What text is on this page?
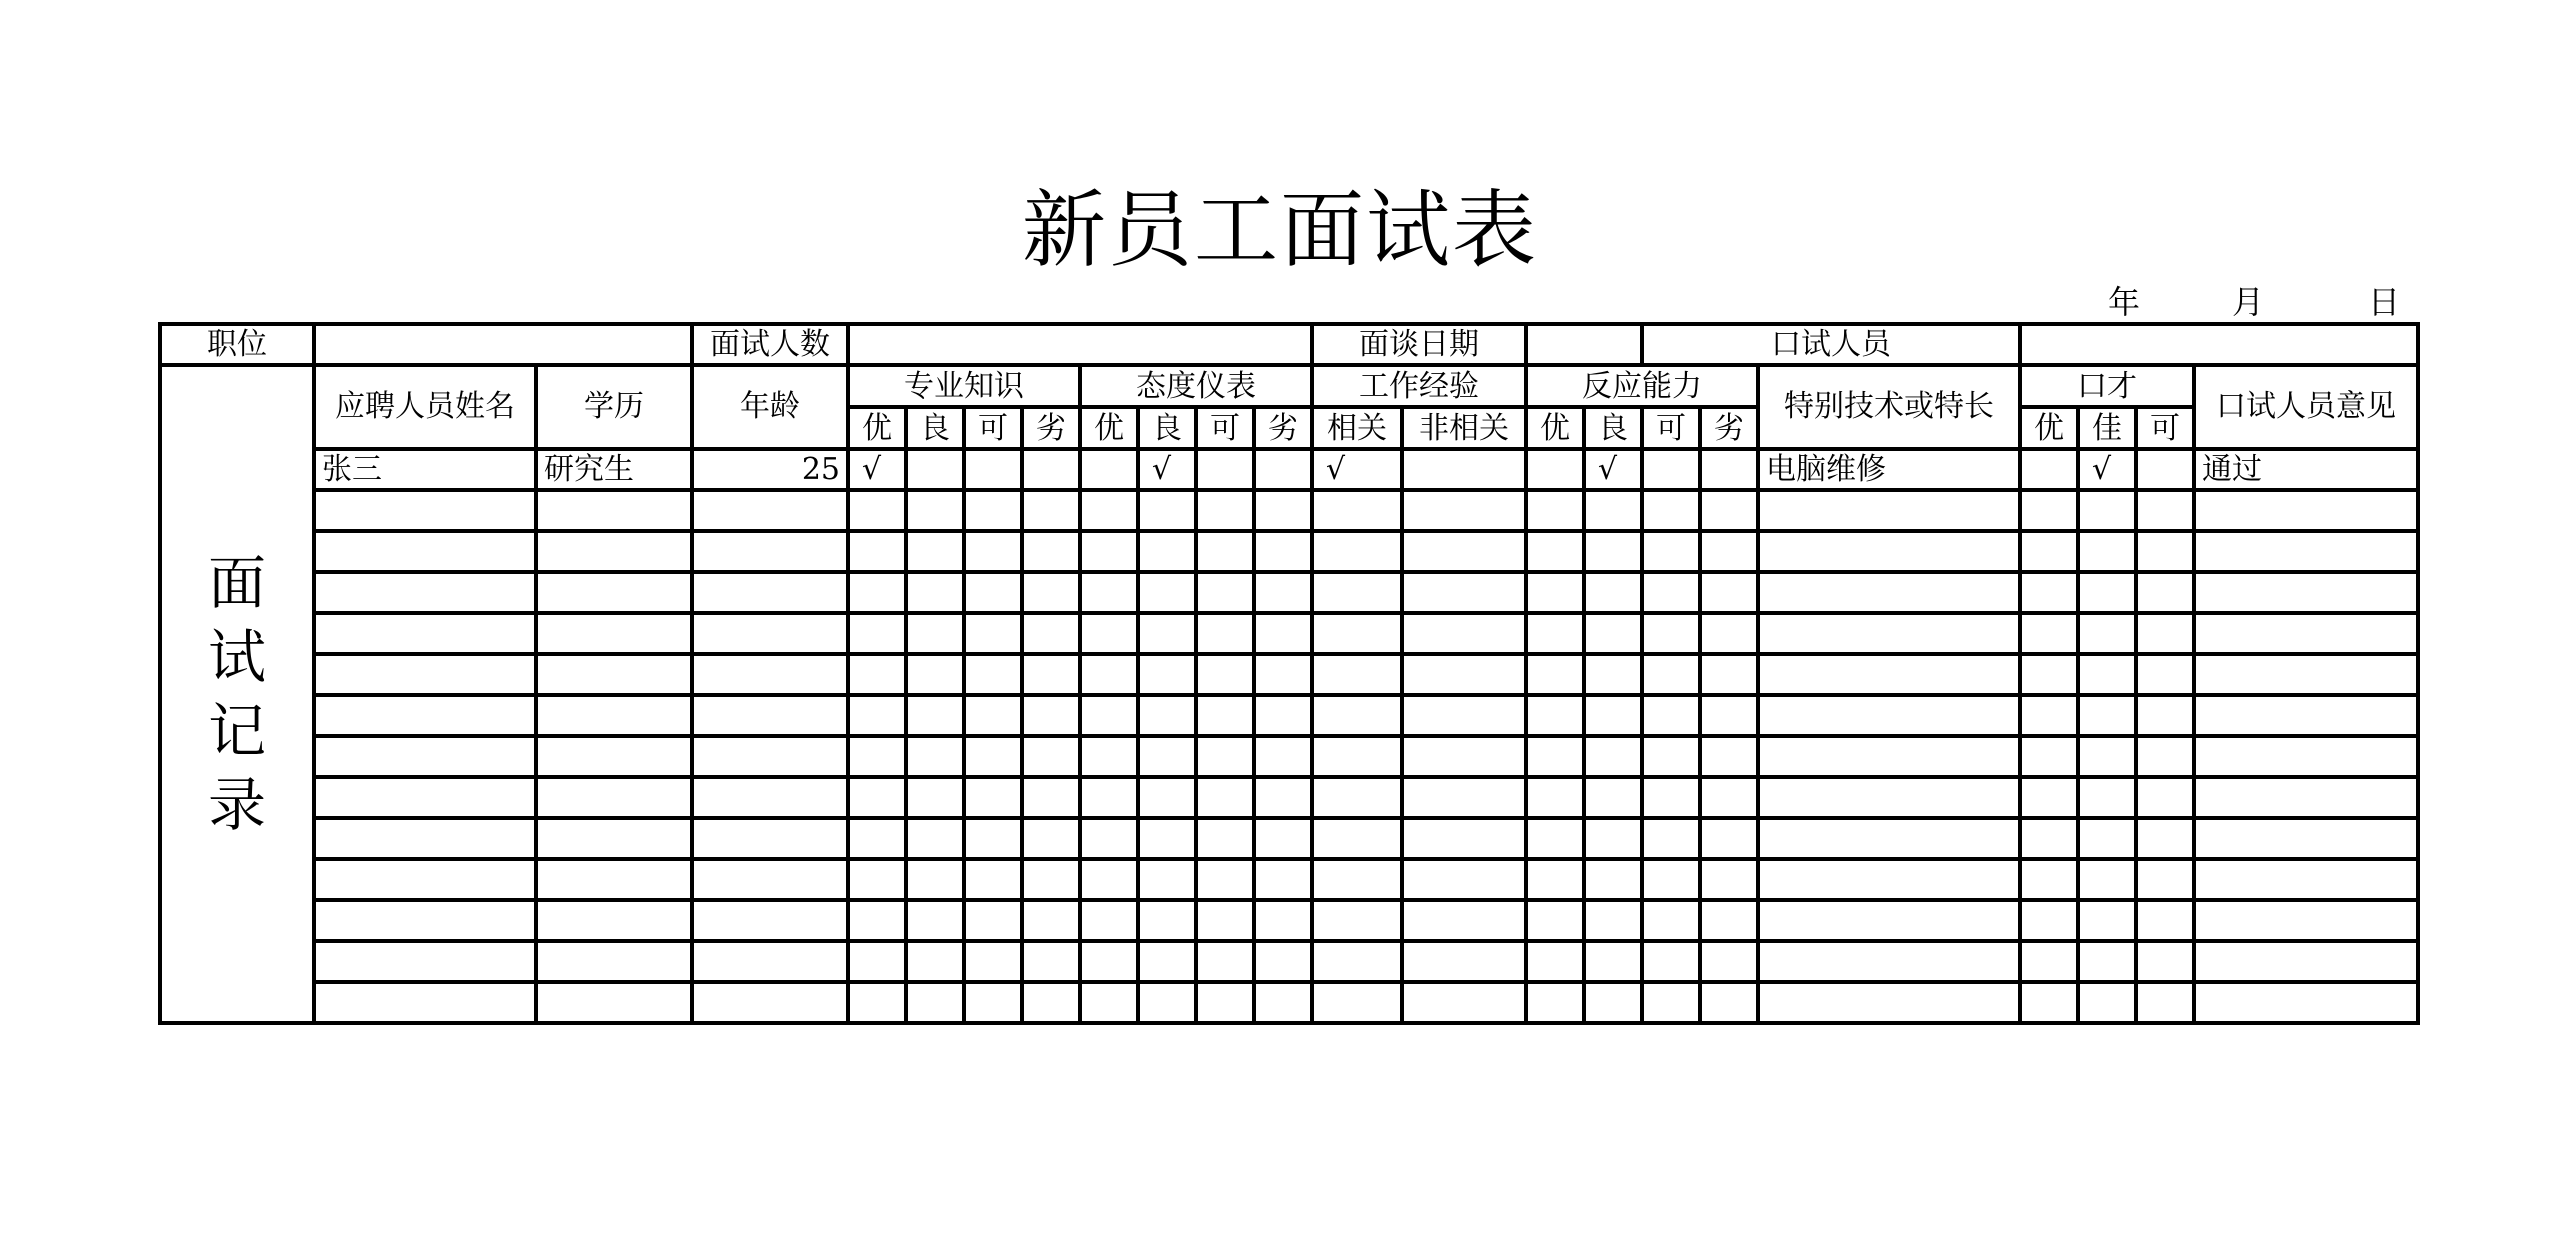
新员工面试表
年	月	日
职位			面试人数									面谈日期				口试人员						

面
试
记
录	应聘人员姓名	学历	年龄	专业知识				态度仪表				工作经验		反应能力				特别技术或特长	口才			口试人员意见
				优	良	可	劣	优	良	可	劣	相关	非相关	优	良	可	劣		优	佳	可	
	张三	研究生	25	√					√			√			√			电脑维修		√		通过
